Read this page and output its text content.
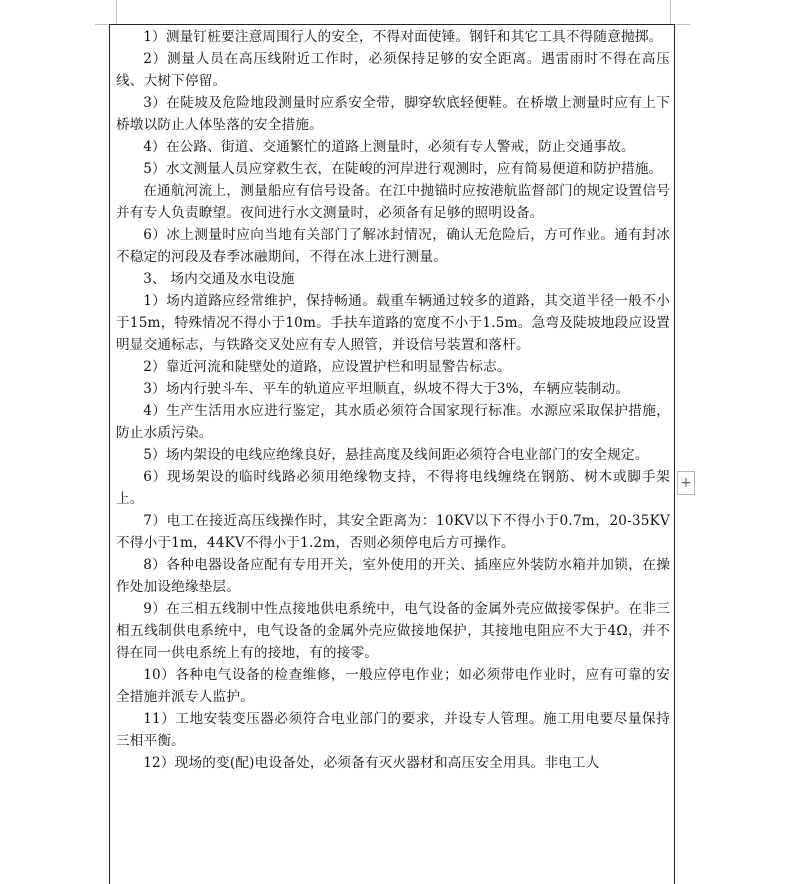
1）测量钉桩要注意周围行人的安全，不得对面使锤。钢钎和其它工具不得随意抛掷。

2）测量人员在高压线附近工作时，必须保持足够的安全距离。遇雷雨时不得在高压线、大树下停留。

3）在陡坡及危险地段测量时应系安全带，脚穿软底轻便鞋。在桥墩上测量时应有上下桥墩以防止人体坠落的安全措施。

4）在公路、街道、交通繁忙的道路上测量时，必须有专人警戒，防止交通事故。

5）水文测量人员应穿救生衣，在陡峻的河岸进行观测时，应有简易便道和防护措施。

在通航河流上，测量船应有信号设备。在江中抛锚时应按港航监督部门的规定设置信号并有专人负责瞭望。夜间进行水文测量时，必须备有足够的照明设备。

6）冰上测量时应向当地有关部门了解冰封情况，确认无危险后，方可作业。通有封冰不稳定的河段及春季冰融期间，不得在冰上进行测量。

3、 场内交通及水电设施

1）场内道路应经常维护，保持畅通。载重车辆通过较多的道路，其交道半径一般不小于15m，特殊情况不得小于10m。手扶车道路的宽度不小于1.5m。急弯及陡坡地段应设置明显交通标志，与铁路交叉处应有专人照管，并设信号装置和落杆。

2）靠近河流和陡壁处的道路，应设置护栏和明显警告标志。

3）场内行驶斗车、平车的轨道应平坦顺直，纵坡不得大于3%，车辆应装制动。

4）生产生活用水应进行鉴定，其水质必须符合国家现行标准。水源应采取保护措施，防止水质污染。

5）场内架设的电线应绝缘良好，悬挂高度及线间距必须符合电业部门的安全规定。

6）现场架设的临时线路必须用绝缘物支持，不得将电线缠绕在钢筋、树木或脚手架上。

7）电工在接近高压线操作时，其安全距离为：10KV以下不得小于0.7m，20-35KV不得小于1m，44KV不得小于1.2m，否则必须停电后方可操作。

8）各种电器设备应配有专用开关，室外使用的开关、插座应外装防水箱并加锁，在操作处加设绝缘垫层。

9）在三相五线制中性点接地供电系统中，电气设备的金属外壳应做接零保护。在非三相五线制供电系统中，电气设备的金属外壳应做接地保护，其接地电阻应不大于4Ω，并不得在同一供电系统上有的接地，有的接零。

10）各种电气设备的检查维修，一般应停电作业；如必须带电作业时，应有可靠的安全措施并派专人监护。

11）工地安装变压器必须符合电业部门的要求，并设专人管理。施工用电要尽量保持三相平衡。

12）现场的变(配)电设备处，必须备有灭火器材和高压安全用具。非电工人

+
